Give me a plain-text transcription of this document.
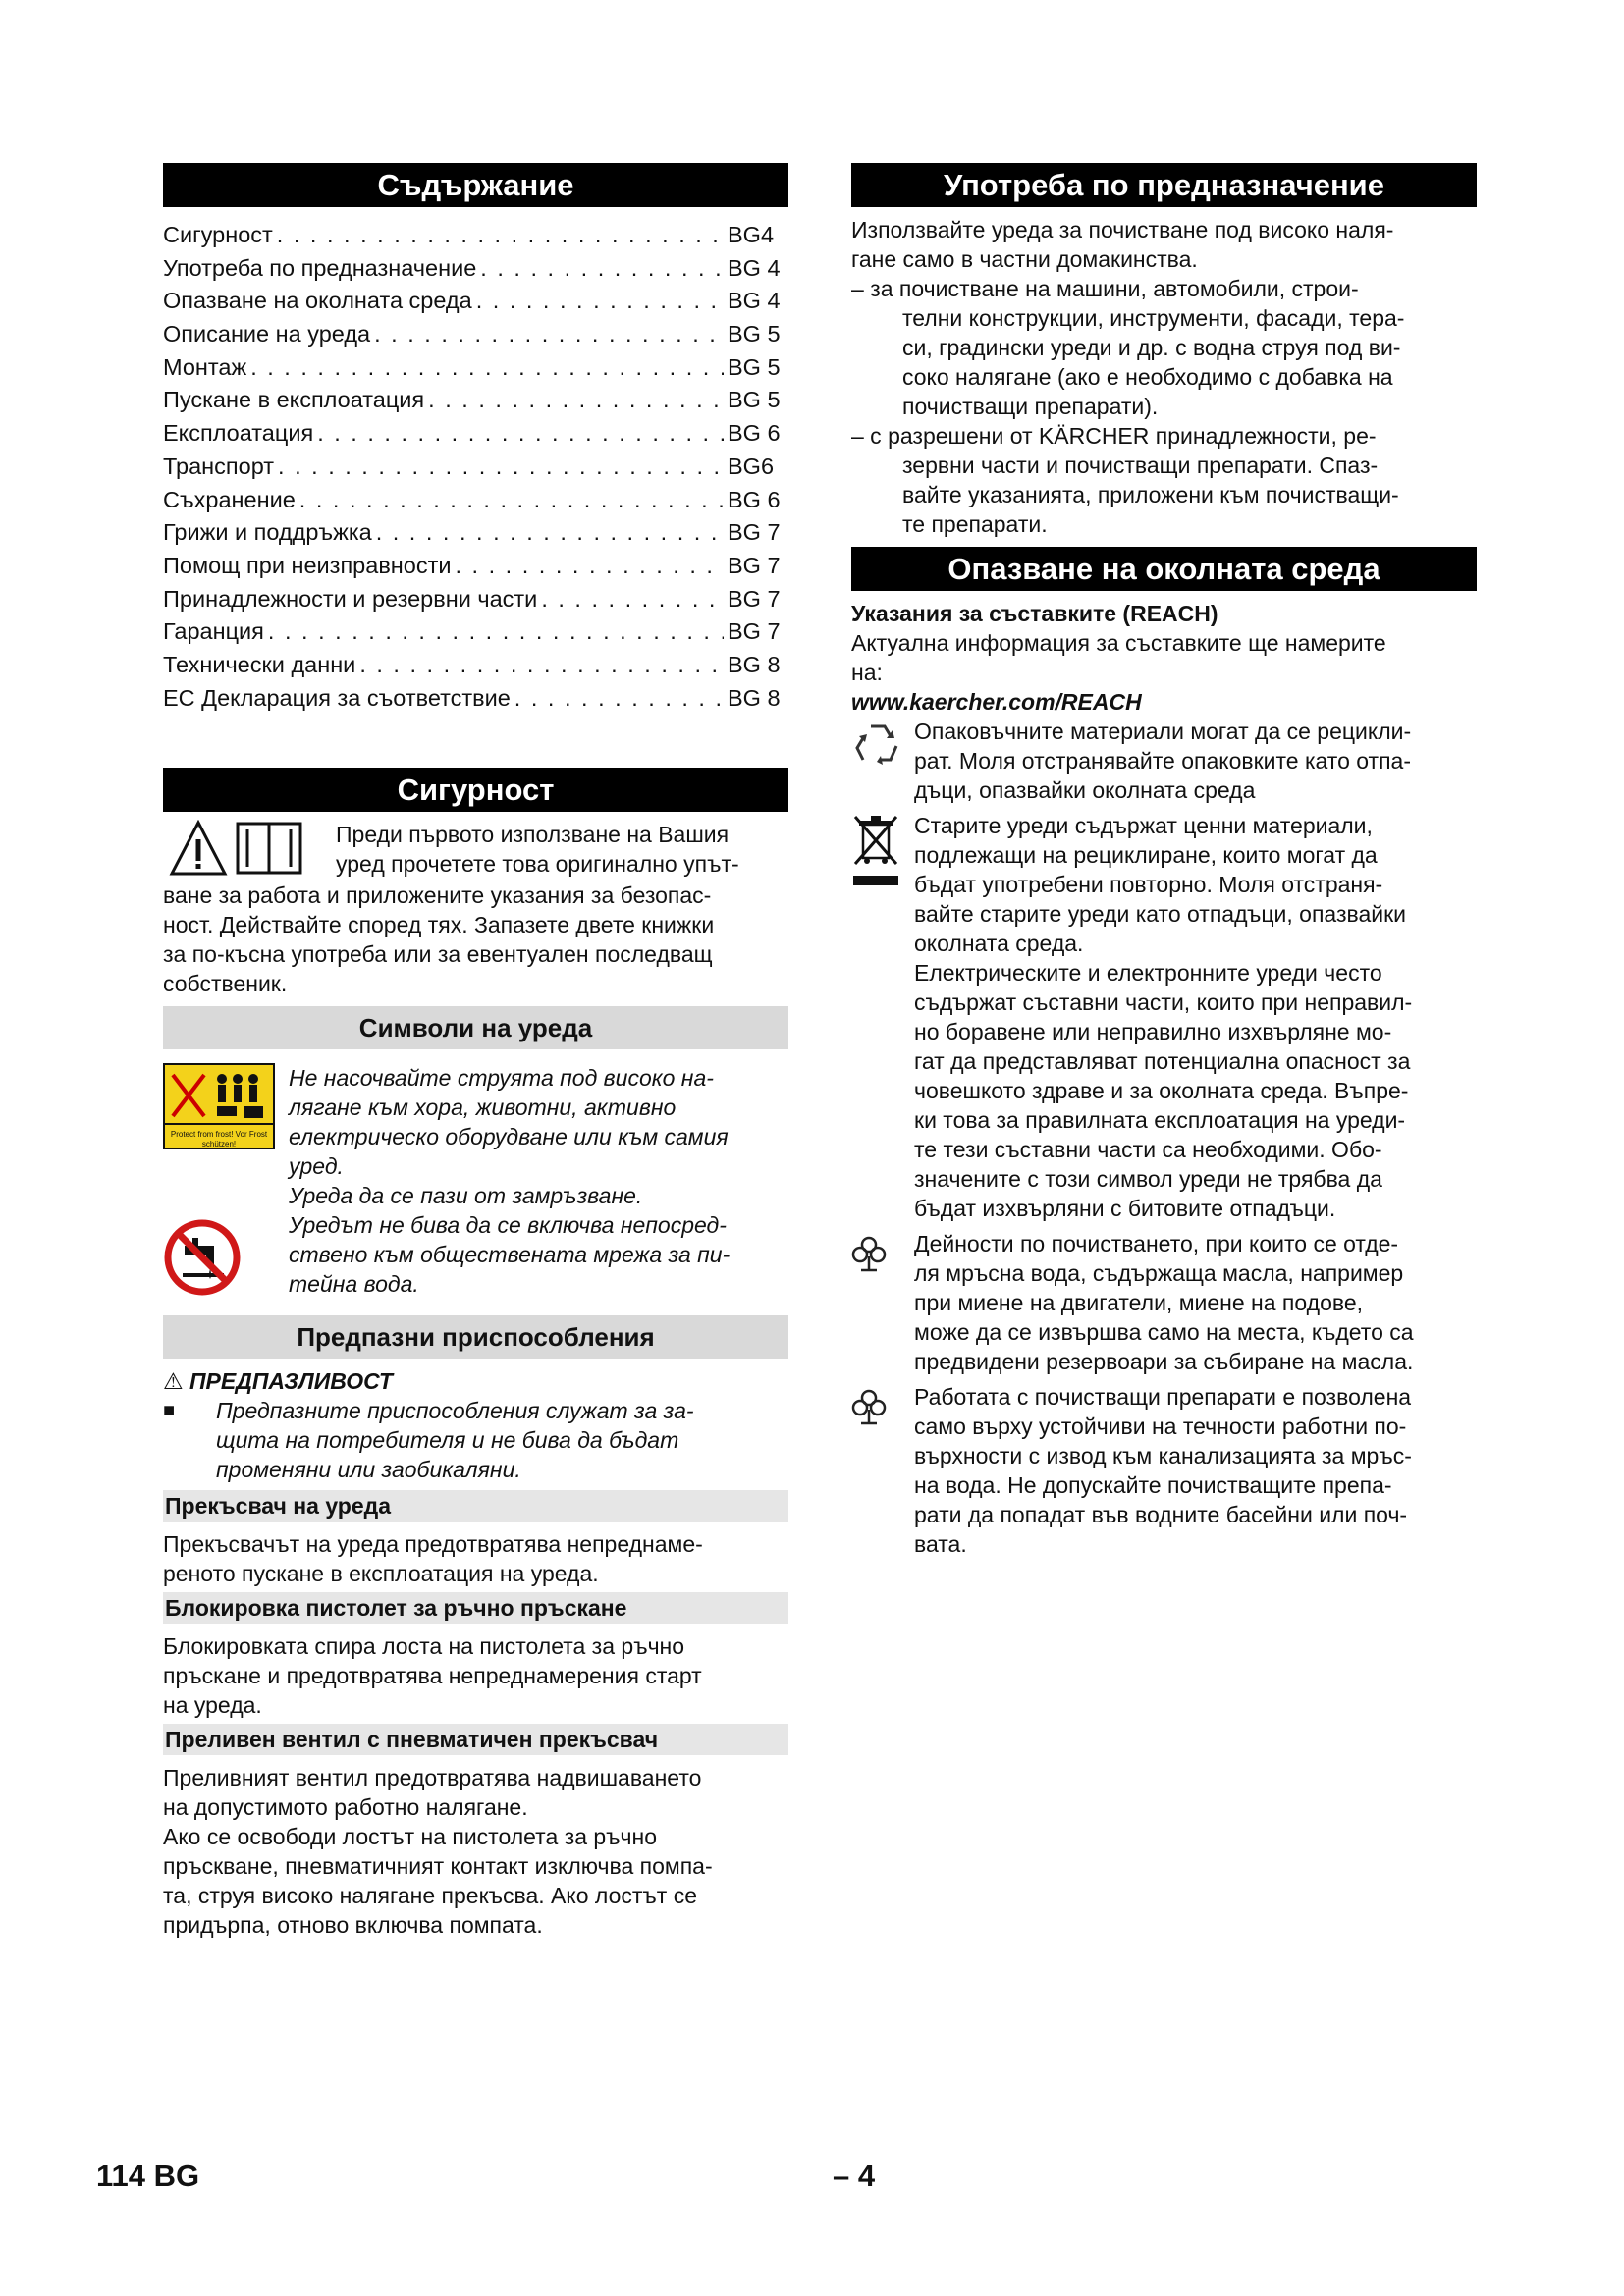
Съдържание
Сигурност . . .	BG4
Употреба по предназначение . . .	BG 4
Опазване на околната среда . . .	BG 4
Описание на уреда . . .	BG 5
Монтаж . . .	BG 5
Пускане в експлоатация . . .	BG 5
Експлоатация . . .	BG 6
Транспорт . . .	BG6
Съхранение . . .	BG 6
Грижи и поддръжка . . .	BG 7
Помощ при неизправности . . .	BG 7
Принадлежности и резервни части . . .	BG 7
Гаранция . . .	BG 7
Технически данни . . .	BG 8
ЕС Декларация за съответствие . . .	BG 8
Сигурност

Преди първото използване на Вашия

уред прочетете това оригинално упът-

ване за работа и приложените указания за безопас-

ност. Действайте според тях. Запазете двете книжки

за по-късна употреба или за евентуален последващ

собственик.

Символи на уреда
Protect from frost! Vor Frost schützen!

Не насочвайте струята под високо на-

лягане към хора, животни, активно

електрическо оборудване или към самия

уред.

Уреда да се пази от замръзване.

Уредът не бива да се включва непосред-

ствено към обществената мрежа за пи-

тейна вода.

Предпазни приспособления

⚠ ПРЕДПАЗЛИВОСТ

■	Предпазните приспособления служат за за-

щита на потребителя и не бива да бъдат

променяни или заобикаляни.

Прекъсвач на уреда

Прекъсвачът на уреда предотвратява непреднаме-

реното пускане в експлоатация на уреда.

Блокировка пистолет за ръчно пръскане

Блокировката спира лоста на пистолета за ръчно

пръскане и предотвратява непреднамерения старт

на уреда.

Преливен вентил с пневматичен прекъсвач

Преливният вентил предотвратява надвишаването

на допустимото работно налягане.

Ако се освободи лостът на пистолета за ръчно

пръскване, пневматичният контакт изключва помпа-

та, струя високо налягане прекъсва. Ако лостът се

придърпа, отново включва помпата.

Употреба по предназначение

Използвайте уреда за почистване под високо наля-

гане само в частни домакинства.

– за почистване на машини, автомобили, строи-

телни конструкции, инструменти, фасади, тера-

си, градински уреди и др. с водна струя под ви-

соко налягане (ако е необходимо с добавка на

почистващи препарати).

– с разрешени от KÄRCHER принадлежности, ре-

зервни части и почистващи препарати. Спаз-

вайте указанията, приложени към почистващи-

те препарати.

Опазване на околната среда

Указания за съставките (REACH)

Актуална информация за съставките ще намерите

на:

www.kaercher.com/REACH

Опаковъчните материали могат да се рецикли-

рат. Моля отстранявайте опаковките като отпа-

дъци, опазвайки околната среда

Старите уреди съдържат ценни материали,

подлежащи на рециклиране, които могат да

бъдат употребени повторно. Моля отстраня-

вайте старите уреди като отпадъци, опазвайки

околната среда.

Електрическите и електронните уреди често

съдържат съставни части, които при неправил-

но боравене или неправилно изхвърляне мо-

гат да представляват потенциална опасност за

човешкото здраве и за околната среда. Въпре-

ки това за правилната експлоатация на уреди-

те тези съставни части са необходими. Обо-

значените с този символ уреди не трябва да

бъдат изхвърляни с битовите отпадъци.

Дейности по почистването, при които се отде-

ля мръсна вода, съдържаща масла, например

при миене на двигатели, миене на подове,

може да се извършва само на места, където са

предвидени резервоари за събиране на масла.

Работата с почистващи препарати е позволена

само върху устойчиви на течности работни по-

върхности с извод към канализацията за мръс-

на вода. Не допускайте почистващите препа-

рати да попадат във водните басейни или поч-

вата.

114 BG	– 4
